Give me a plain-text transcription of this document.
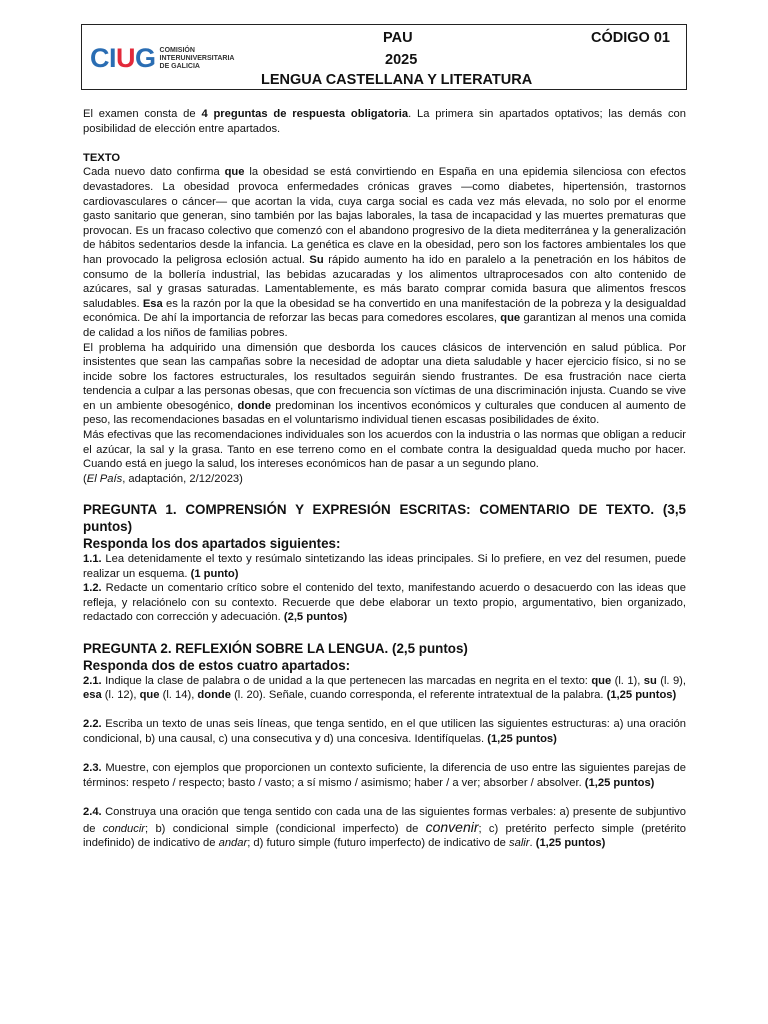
CI U G COMISIÓN
INTERUNIVERSITARIA
DE GALICIA
PAU	CÓDIGO 01
2025
LENGUA CASTELLANA Y LITERATURA

El examen consta de 4 preguntas de respuesta obligatoria. La primera sin apartados optativos; las demás con posibilidad de elección entre apartados.

TEXTO

Cada nuevo dato confirma que la obesidad se está convirtiendo en España en una epidemia silenciosa con efectos devastadores. La obesidad provoca enfermedades crónicas graves —como diabetes, hipertensión, trastornos cardiovasculares o cáncer— que acortan la vida, cuya carga social es cada vez más elevada, no solo por el enorme gasto sanitario que generan, sino también por las bajas laborales, la tasa de incapacidad y las muertes prematuras que provocan. Es un fracaso colectivo que comenzó con el abandono progresivo de la dieta mediterránea y la generalización de hábitos sedentarios desde la infancia. La genética es clave en la obesidad, pero son los factores ambientales los que han provocado la peligrosa eclosión actual. Su rápido aumento ha ido en paralelo a la penetración en los hábitos de consumo de la bollería industrial, las bebidas azucaradas y los alimentos ultraprocesados con alto contenido de azúcares, sal y grasas saturadas. Lamentablemente, es más barato comprar comida basura que alimentos frescos saludables. Esa es la razón por la que la obesidad se ha convertido en una manifestación de la pobreza y la desigualdad económica. De ahí la importancia de reforzar las becas para comedores escolares, que garantizan al menos una comida de calidad a los niños de familias pobres.

El problema ha adquirido una dimensión que desborda los cauces clásicos de intervención en salud pública. Por insistentes que sean las campañas sobre la necesidad de adoptar una dieta saludable y hacer ejercicio físico, si no se incide sobre los factores estructurales, los resultados seguirán siendo frustrantes. De esa frustración nace cierta tendencia a culpar a las personas obesas, que con frecuencia son víctimas de una discriminación injusta. Cuando se vive en un ambiente obesogénico, donde predominan los incentivos económicos y culturales que conducen al aumento de peso, las recomendaciones basadas en el voluntarismo individual tienen escasas posibilidades de éxito.

Más efectivas que las recomendaciones individuales son los acuerdos con la industria o las normas que obligan a reducir el azúcar, la sal y la grasa. Tanto en ese terreno como en el combate contra la desigualdad queda mucho por hacer. Cuando está en juego la salud, los intereses económicos han de pasar a un segundo plano.

(El País, adaptación, 2/12/2023)

PREGUNTA 1. COMPRENSIÓN Y EXPRESIÓN ESCRITAS: COMENTARIO DE TEXTO. (3,5 puntos)

Responda los dos apartados siguientes:

1.1. Lea detenidamente el texto y resúmalo sintetizando las ideas principales. Si lo prefiere, en vez del resumen, puede realizar un esquema. (1 punto)

1.2. Redacte un comentario crítico sobre el contenido del texto, manifestando acuerdo o desacuerdo con las ideas que refleja, y relaciónelo con su contexto. Recuerde que debe elaborar un texto propio, argumentativo, bien organizado, redactado con corrección y adecuación. (2,5 puntos)

PREGUNTA 2. REFLEXIÓN SOBRE LA LENGUA. (2,5 puntos)

Responda dos de estos cuatro apartados:

2.1. Indique la clase de palabra o de unidad a la que pertenecen las marcadas en negrita en el texto: que (l. 1), su (l. 9), esa (l. 12), que (l. 14), donde (l. 20). Señale, cuando corresponda, el referente intratextual de la palabra. (1,25 puntos)

2.2. Escriba un texto de unas seis líneas, que tenga sentido, en el que utilicen las siguientes estructuras: a) una oración condicional, b) una causal, c) una consecutiva y d) una concesiva. Identifíquelas. (1,25 puntos)

2.3. Muestre, con ejemplos que proporcionen un contexto suficiente, la diferencia de uso entre las siguientes parejas de términos: respeto / respecto; basto / vasto; a sí mismo / asimismo; haber / a ver; absorber / absolver. (1,25 puntos)

2.4. Construya una oración que tenga sentido con cada una de las siguientes formas verbales: a) presente de subjuntivo de conducir; b) condicional simple (condicional imperfecto) de convenir; c) pretérito perfecto simple (pretérito indefinido) de indicativo de andar; d) futuro simple (futuro imperfecto) de indicativo de salir. (1,25 puntos)
